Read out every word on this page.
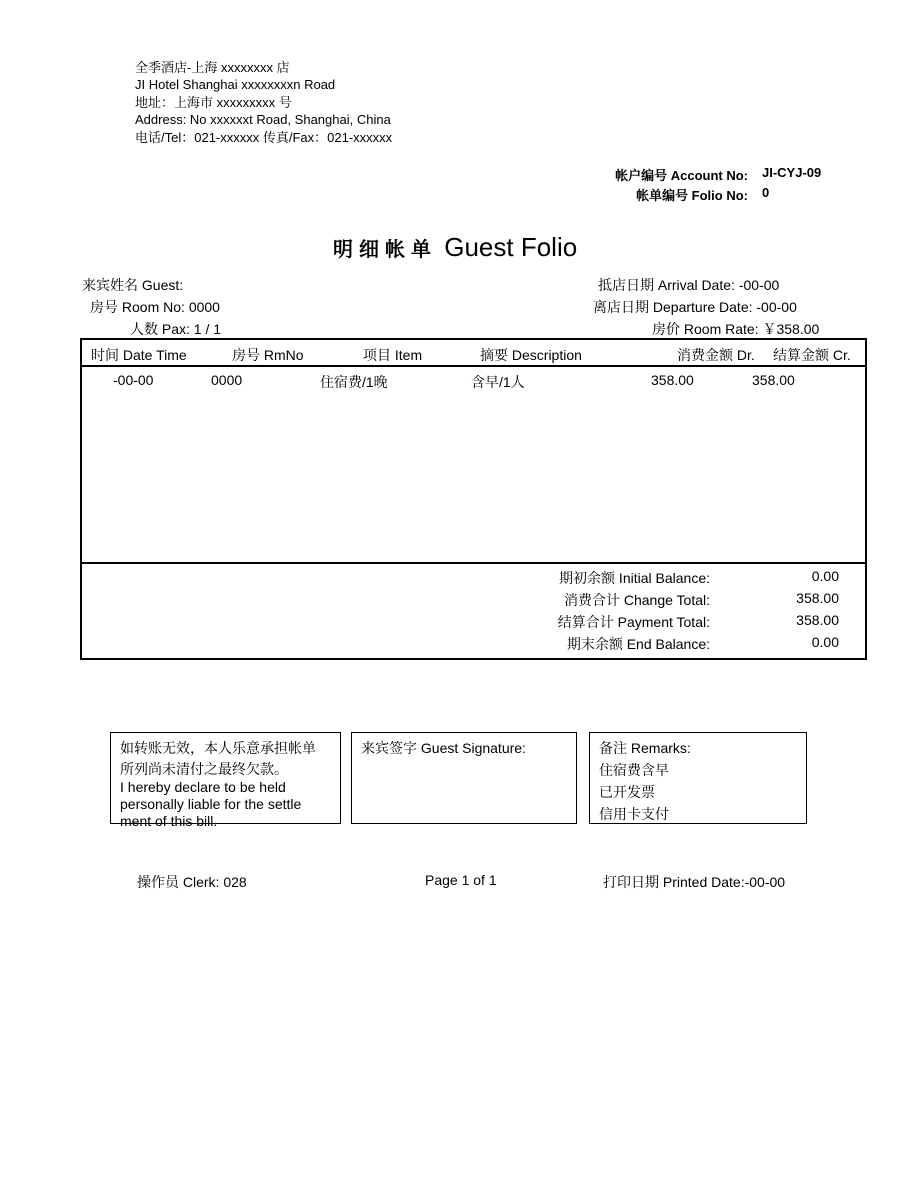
全季酒店-上海 xxxxxxxx 店
JI Hotel Shanghai xxxxxxxxn Road
地址：上海市 xxxxxxxxx 号
Address: No xxxxxxt Road, Shanghai, China
电话/Tel：021-xxxxxx 传真/Fax：021-xxxxxx
帐户编号 Account No: JI-CYJ-09
帐单编号 Folio No: 0
明细帐单 Guest Folio
来宾姓名 Guest:
房号 Room No: 0000
人数 Pax: 1 / 1
抵店日期 Arrival Date: -00-00
离店日期 Departure Date: -00-00
房价 Room Rate: ￥358.00
时间 Date Time	房号 RmNo	项目 Item	摘要 Description	消费金额 Dr. 结算金额 Cr.
-00-00	0000	住宿费/1晚	含早/1人	358.00	358.00
期初余额 Initial Balance:	0.00
消费合计 Change Total:	358.00
结算合计 Payment Total:	358.00
期末余额 End Balance:	0.00
如转账无效，本人乐意承担帐单
所列尚未清付之最终欠款。
I hereby declare to be held
personally liable for the settle
ment of this bill.
来宾签字 Guest Signature:	备注 Remarks:
住宿费含早
已开发票
信用卡支付
操作员 Clerk: 028	Page 1 of 1	打印日期 Printed Date:-00-00
